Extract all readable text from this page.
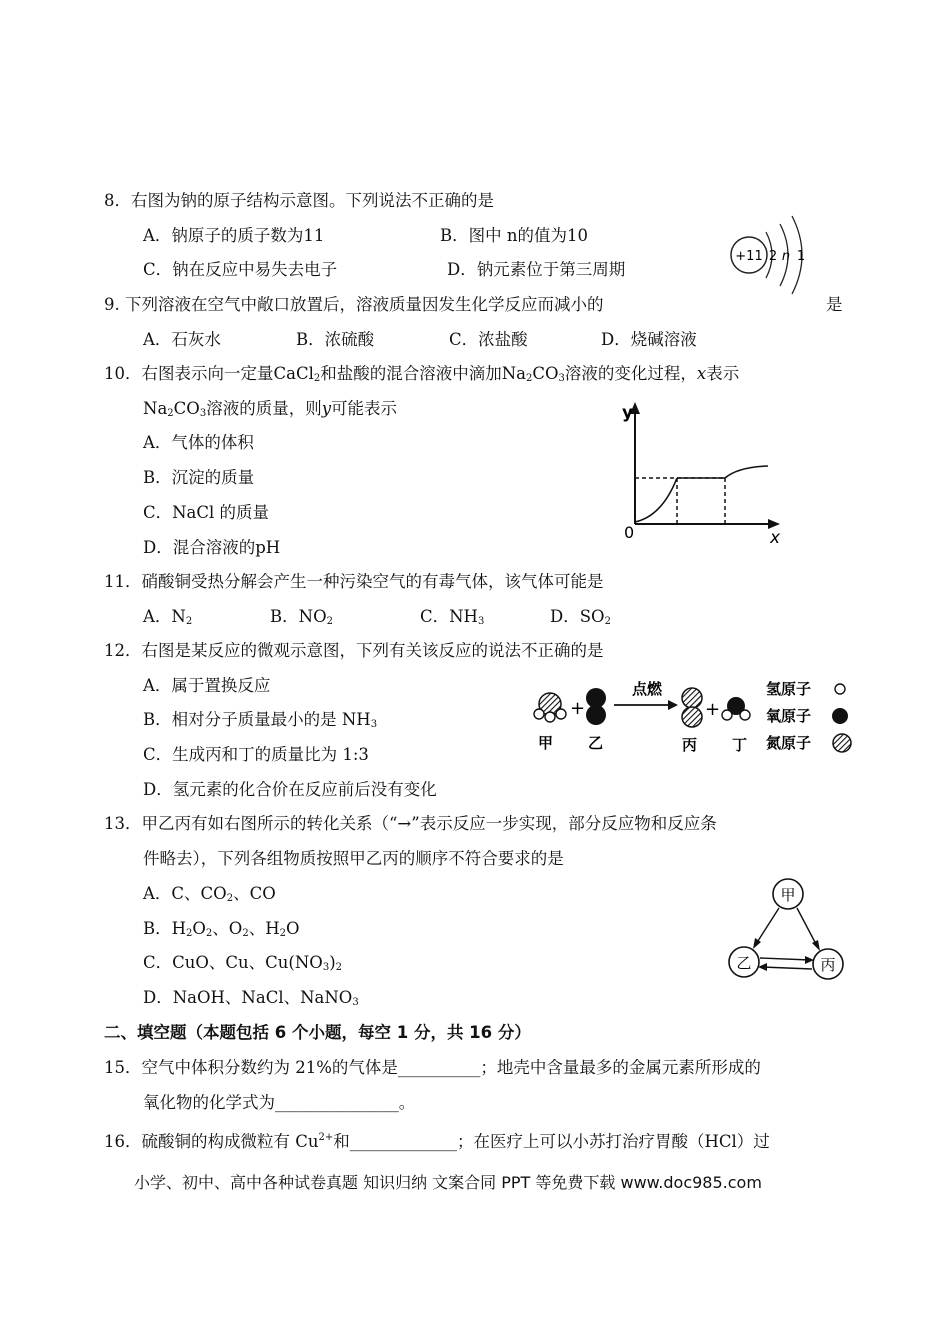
8．右图为钠的原子结构示意图。下列说法不正确的是
A．钠原子的质子数为11	B．图中 n的值为10
C．钠在反应中易失去电子	D．钠元素位于第三周期
+11 2 n 1
9. 下列溶液在空气中敞口放置后，溶液质量因发生化学反应而减小的	是
A．石灰水	B．浓硫酸	C．浓盐酸	D．烧碱溶液
10．右图表示向一定量CaCl$_2$和盐酸的混合溶液中滴加$Na_2CO_3$溶液的变化过程，x表示
$Na_2CO_3$溶液的质量，则y可能表示
A．气体的体积
B．沉淀的质量
C．NaCl 的质量
D．混合溶液的pH
y
x
0
11．硝酸铜受热分解会产生一种污染空气的有毒气体，该气体可能是
A．$N_2$	B．$NO_2$	C．$NH_3$	D．$SO_2$
12．右图是某反应的微观示意图，下列有关该反应的说法不正确的是
A．属于置换反应
B．相对分子质量最小的是 $NH_3$
C．生成丙和丁的质量比为 1:3
D．氢元素的化合价在反应前后没有变化
+
点燃
+
甲 乙	丙 丁
氢原子
氧原子
氮原子
13．甲乙丙有如右图所示的转化关系（“→”表示反应一步实现，部分反应物和反应条
件略去），下列各组物质按照甲乙丙的顺序不符合要求的是
A．C、$CO_2$、CO
B．$H_2O_2$、$O_2$、$H_2O$
C．CuO、Cu、$Cu(NO_3)_2$
D．NaOH、NaCl、NaNO$_3$
甲
乙	丙
二、填空题（本题包括 6 个小题，每空 1 分，共 16 分）
15．空气中体积分数约为 21%的气体是__________；地壳中含量最多的金属元素所形成的
氧化物的化学式为_______________。
16．硫酸铜的构成微粒有 $Cu^{2+}$和_____________；在医疗上可以小苏打治疗胃酸（HCl）过
小学、初中、高中各种试卷真题 知识归纳 文案合同 PPT 等免费下载 www.doc985.com
